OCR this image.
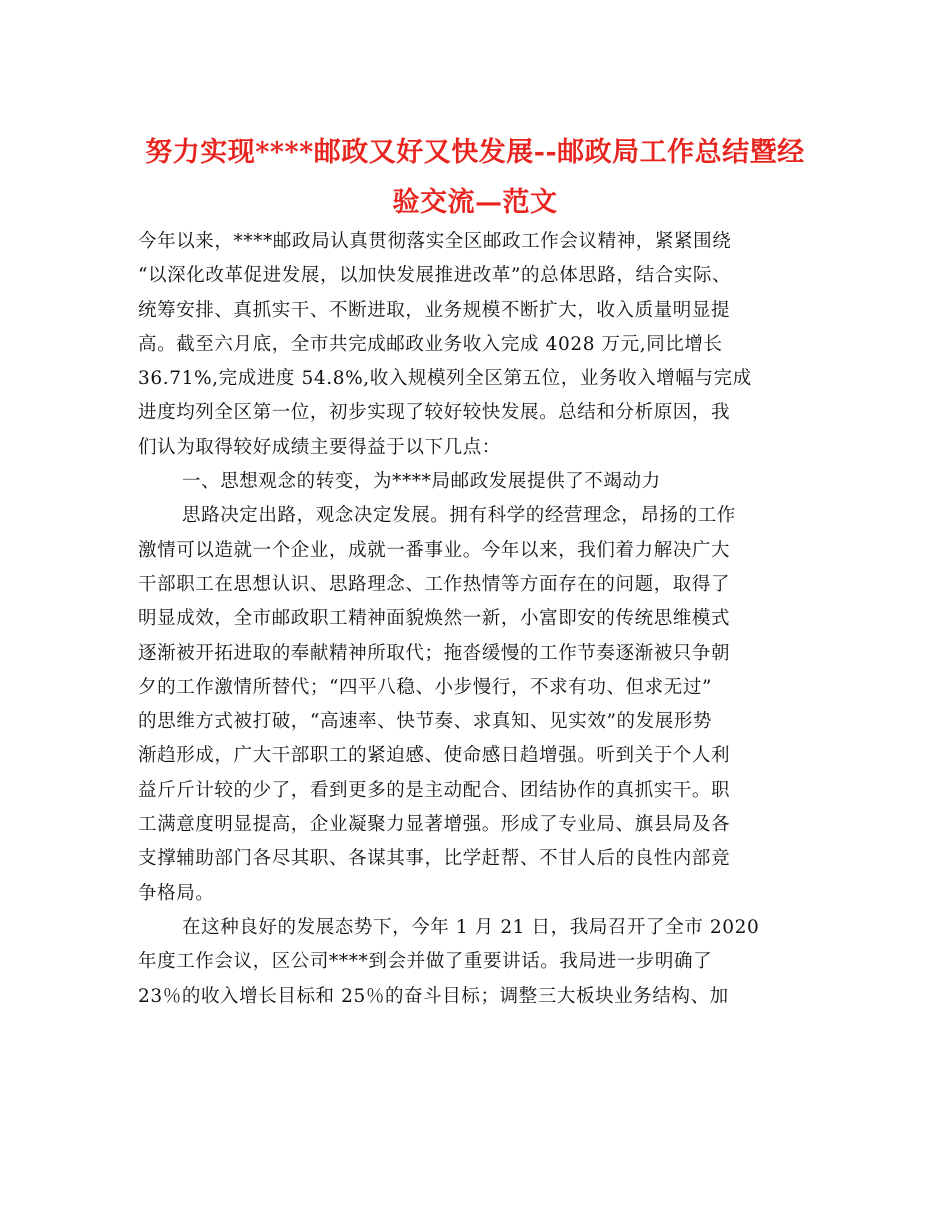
努力实现****邮政又好又快发展--邮政局工作总结暨经
验交流—范文
今年以来，****邮政局认真贯彻落实全区邮政工作会议精神，紧紧围绕
“以深化改革促进发展，以加快发展推进改革”的总体思路，结合实际、
统筹安排、真抓实干、不断进取，业务规模不断扩大，收入质量明显提
高。截至六月底，全市共完成邮政业务收入完成 4028 万元,同比增长
36.71%,完成进度 54.8%,收入规模列全区第五位，业务收入增幅与完成
进度均列全区第一位，初步实现了较好较快发展。总结和分析原因，我
们认为取得较好成绩主要得益于以下几点：
一、思想观念的转变，为****局邮政发展提供了不竭动力
思路决定出路，观念决定发展。拥有科学的经营理念，昂扬的工作
激情可以造就一个企业，成就一番事业。今年以来，我们着力解决广大
干部职工在思想认识、思路理念、工作热情等方面存在的问题，取得了
明显成效，全市邮政职工精神面貌焕然一新，小富即安的传统思维模式
逐渐被开拓进取的奉献精神所取代；拖沓缓慢的工作节奏逐渐被只争朝
夕的工作激情所替代；“四平八稳、小步慢行，不求有功、但求无过”
的思维方式被打破，“高速率、快节奏、求真知、见实效”的发展形势
渐趋形成，广大干部职工的紧迫感、使命感日趋增强。听到关于个人利
益斤斤计较的少了，看到更多的是主动配合、团结协作的真抓实干。职
工满意度明显提高，企业凝聚力显著增强。形成了专业局、旗县局及各
支撑辅助部门各尽其职、各谋其事，比学赶帮、不甘人后的良性内部竞
争格局。
在这种良好的发展态势下，今年 1 月 21 日，我局召开了全市 2020
年度工作会议，区公司****到会并做了重要讲话。我局进一步明确了
23％的收入增长目标和 25％的奋斗目标；调整三大板块业务结构、加
